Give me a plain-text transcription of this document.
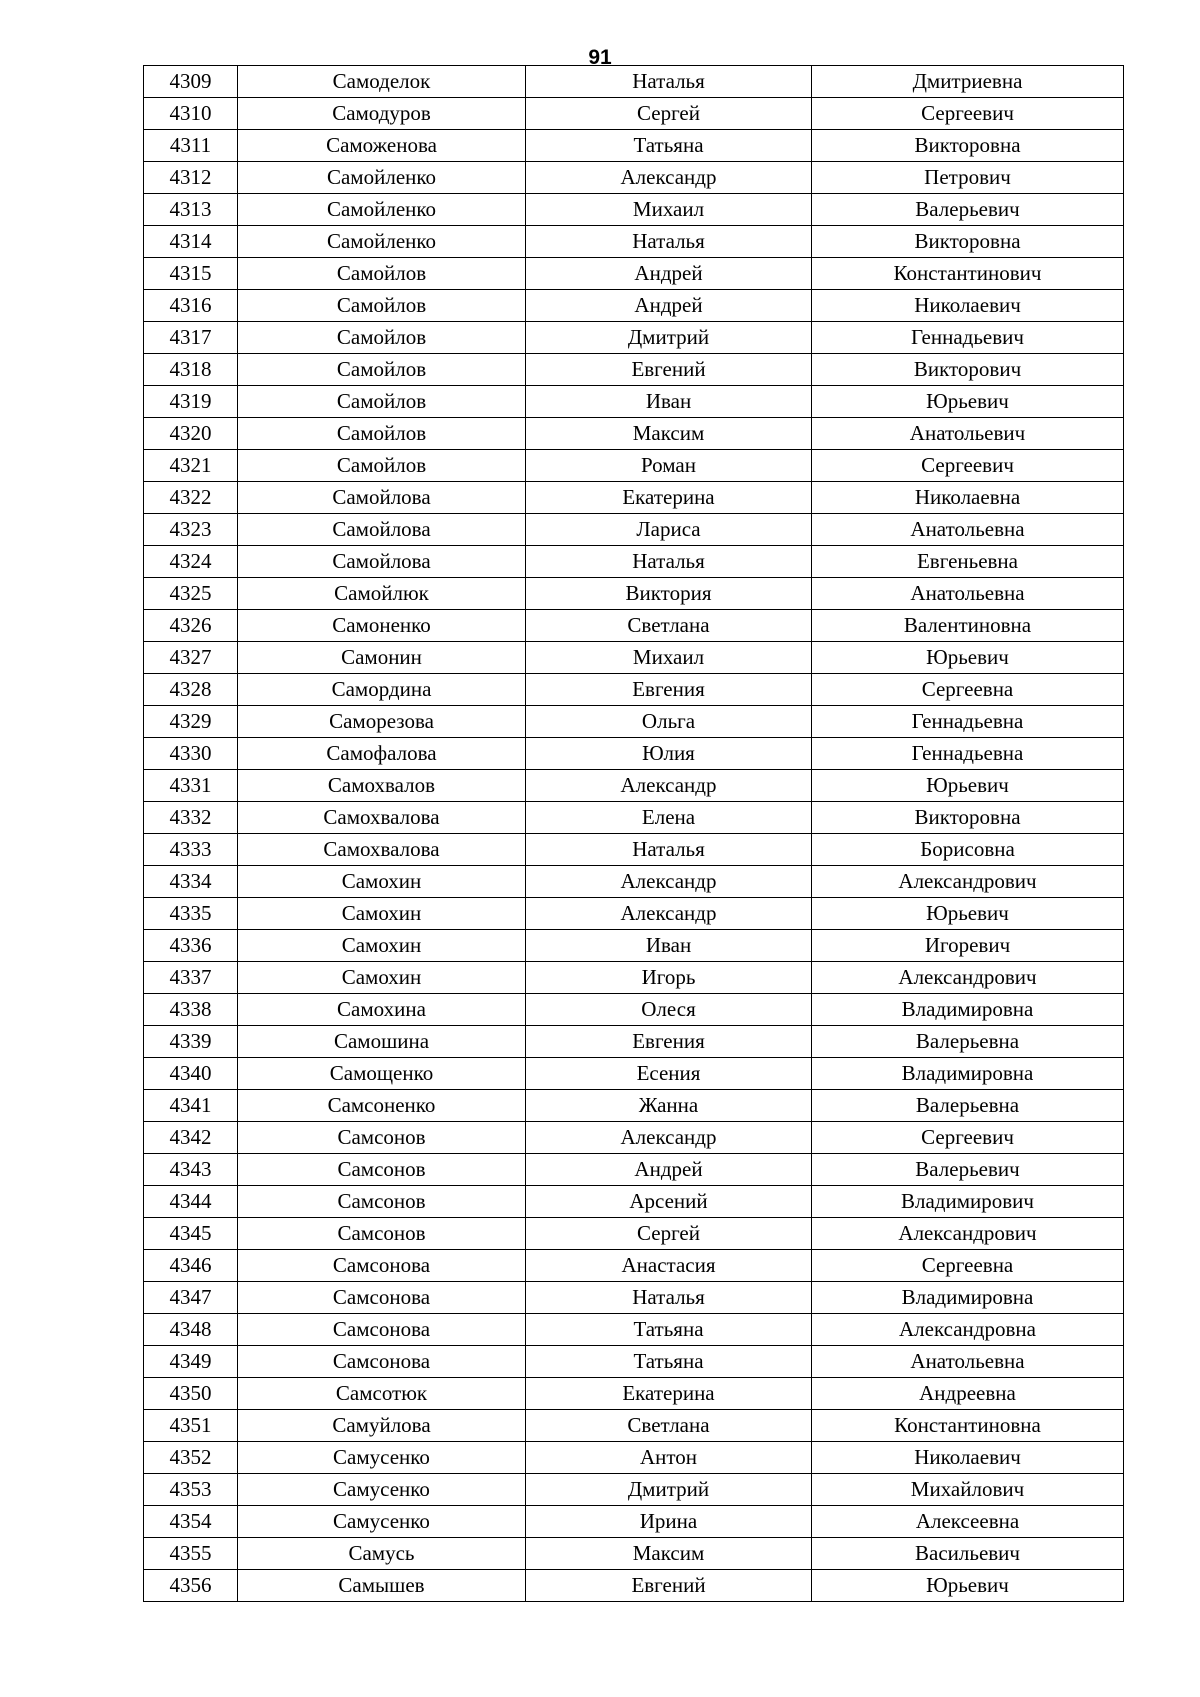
91
4309	Самоделок	Наталья	Дмитриевна
4310	Самодуров	Сергей	Сергеевич
4311	Саможенова	Татьяна	Викторовна
4312	Самойленко	Александр	Петрович
4313	Самойленко	Михаил	Валерьевич
4314	Самойленко	Наталья	Викторовна
4315	Самойлов	Андрей	Константинович
4316	Самойлов	Андрей	Николаевич
4317	Самойлов	Дмитрий	Геннадьевич
4318	Самойлов	Евгений	Викторович
4319	Самойлов	Иван	Юрьевич
4320	Самойлов	Максим	Анатольевич
4321	Самойлов	Роман	Сергеевич
4322	Самойлова	Екатерина	Николаевна
4323	Самойлова	Лариса	Анатольевна
4324	Самойлова	Наталья	Евгеньевна
4325	Самойлюк	Виктория	Анатольевна
4326	Самоненко	Светлана	Валентиновна
4327	Самонин	Михаил	Юрьевич
4328	Самордина	Евгения	Сергеевна
4329	Саморезова	Ольга	Геннадьевна
4330	Самофалова	Юлия	Геннадьевна
4331	Самохвалов	Александр	Юрьевич
4332	Самохвалова	Елена	Викторовна
4333	Самохвалова	Наталья	Борисовна
4334	Самохин	Александр	Александрович
4335	Самохин	Александр	Юрьевич
4336	Самохин	Иван	Игоревич
4337	Самохин	Игорь	Александрович
4338	Самохина	Олеся	Владимировна
4339	Самошина	Евгения	Валерьевна
4340	Самощенко	Есения	Владимировна
4341	Самсоненко	Жанна	Валерьевна
4342	Самсонов	Александр	Сергеевич
4343	Самсонов	Андрей	Валерьевич
4344	Самсонов	Арсений	Владимирович
4345	Самсонов	Сергей	Александрович
4346	Самсонова	Анастасия	Сергеевна
4347	Самсонова	Наталья	Владимировна
4348	Самсонова	Татьяна	Александровна
4349	Самсонова	Татьяна	Анатольевна
4350	Самсотюк	Екатерина	Андреевна
4351	Самуйлова	Светлана	Константиновна
4352	Самусенко	Антон	Николаевич
4353	Самусенко	Дмитрий	Михайлович
4354	Самусенко	Ирина	Алексеевна
4355	Самусь	Максим	Васильевич
4356	Самышев	Евгений	Юрьевич
